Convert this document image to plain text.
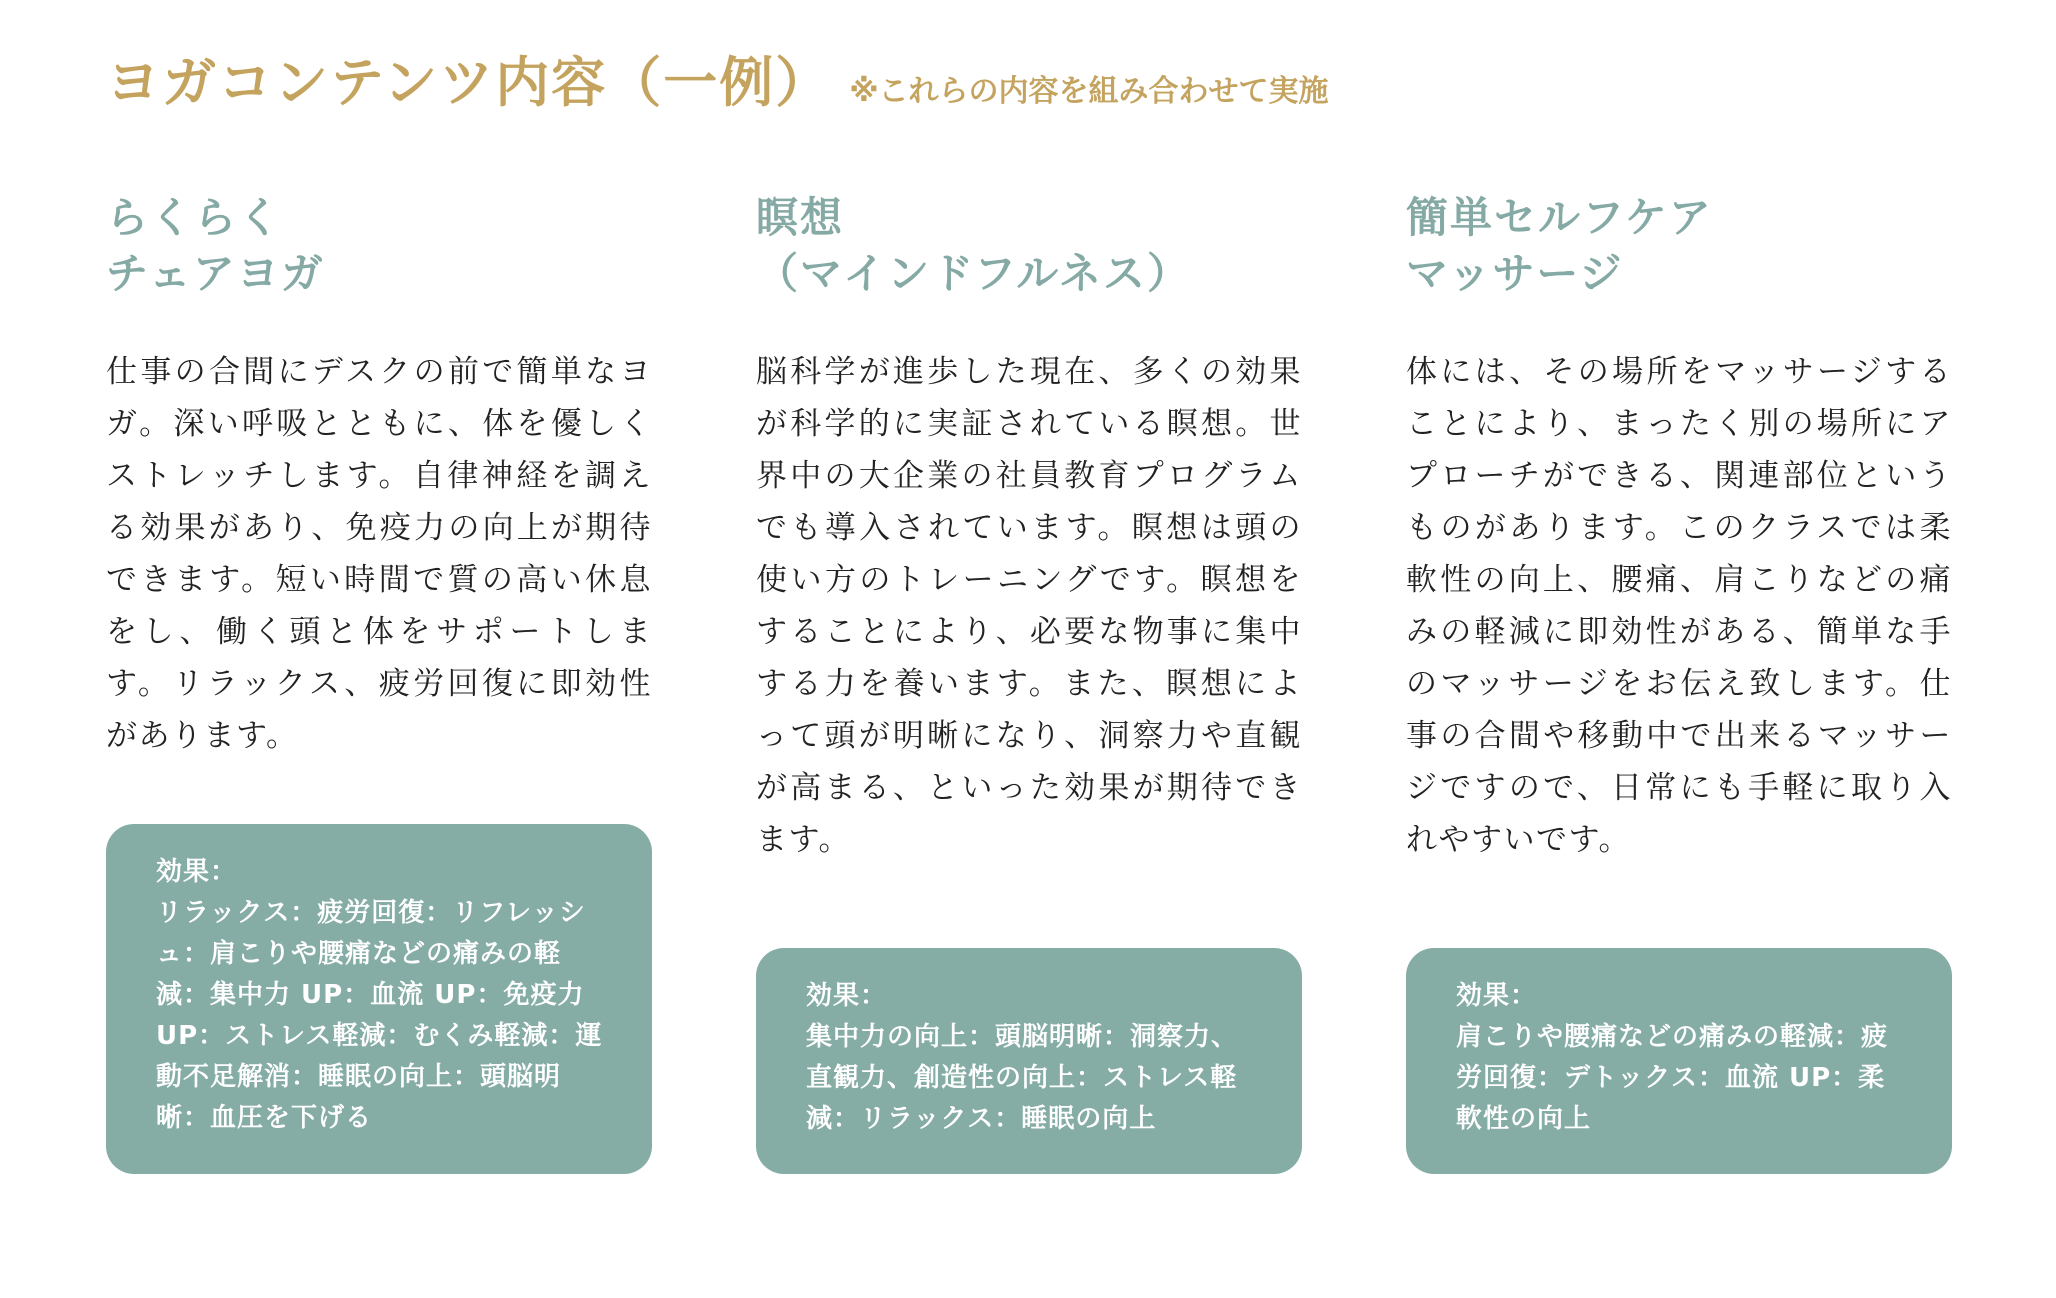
ヨガコンテンツ内容（一例） ※これらの内容を組み合わせて実施
らくらく
チェアヨガ

仕事の合間にデスクの前で簡単なヨガ。深い呼吸とともに、体を優しくストレッチします。自律神経を調える効果があり、免疫力の向上が期待できます。短い時間で質の高い休息をし、働く頭と体をサポートします。リラックス、疲労回復に即効性があります。

瞑想
（マインドフルネス）

脳科学が進歩した現在、多くの効果が科学的に実証されている瞑想。世界中の大企業の社員教育プログラムでも導入されています。瞑想は頭の使い方のトレーニングです。瞑想をすることにより、必要な物事に集中する力を養います。また、瞑想によって頭が明晰になり、洞察力や直観が高まる、といった効果が期待できます。

簡単セルフケア
マッサージ

体には、その場所をマッサージすることにより、まったく別の場所にアプローチができる、関連部位というものがあります。このクラスでは柔軟性の向上、腰痛、肩こりなどの痛みの軽減に即効性がある、簡単な手のマッサージをお伝え致します。仕事の合間や移動中で出来るマッサージですので、日常にも手軽に取り入れやすいです。

効果：
リラックス：疲労回復：リフレッシュ：肩こりや腰痛などの痛みの軽減：集中力 UP：血流 UP：免疫力 UP：ストレス軽減：むくみ軽減：運動不足解消：睡眠の向上：頭脳明晰：血圧を下げる
効果：
集中力の向上：頭脳明晰：洞察力、直観力、創造性の向上：ストレス軽減：リラックス：睡眠の向上
効果：
肩こりや腰痛などの痛みの軽減：疲労回復：デトックス：血流 UP：柔軟性の向上
